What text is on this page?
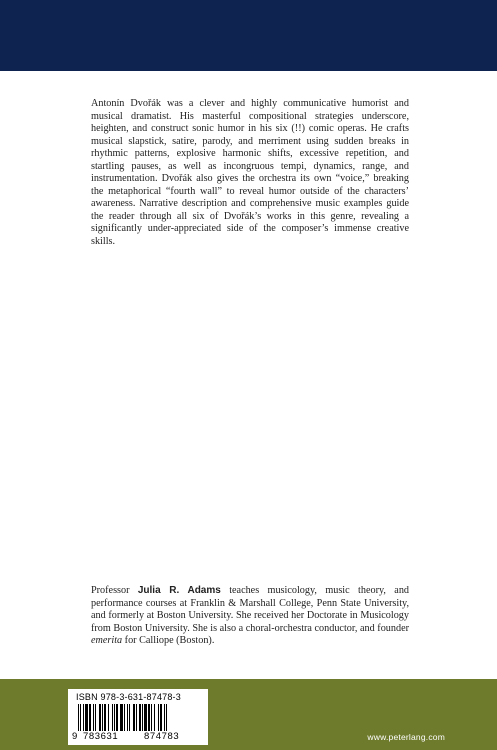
Antonín Dvořák was a clever and highly communicative humorist and musical dramatist. His masterful compositional strategies underscore, heighten, and construct sonic humor in his six (!!) comic operas. He crafts musical slapstick, satire, parody, and merriment using sudden breaks in rhythmic patterns, explosive harmonic shifts, excessive repetition, and startling pauses, as well as incongruous tempi, dynamics, range, and instrumentation. Dvořák also gives the orchestra its own “voice,” breaking the metaphorical “fourth wall” to reveal humor outside of the characters’ awareness. Narrative description and comprehensive music examples guide the reader through all six of Dvořák’s works in this genre, revealing a significantly under-appreciated side of the composer’s immense creative skills.

Professor Julia R. Adams teaches musicology, music theory, and performance courses at Franklin & Marshall College, Penn State University, and formerly at Boston University. She received her Doctorate in Musicology from Boston University. She is also a choral-orchestra conductor, and founder emerita for Calliope (Boston).

ISBN 978-3-631-87478-3
9 783631	874783	www.peterlang.com
